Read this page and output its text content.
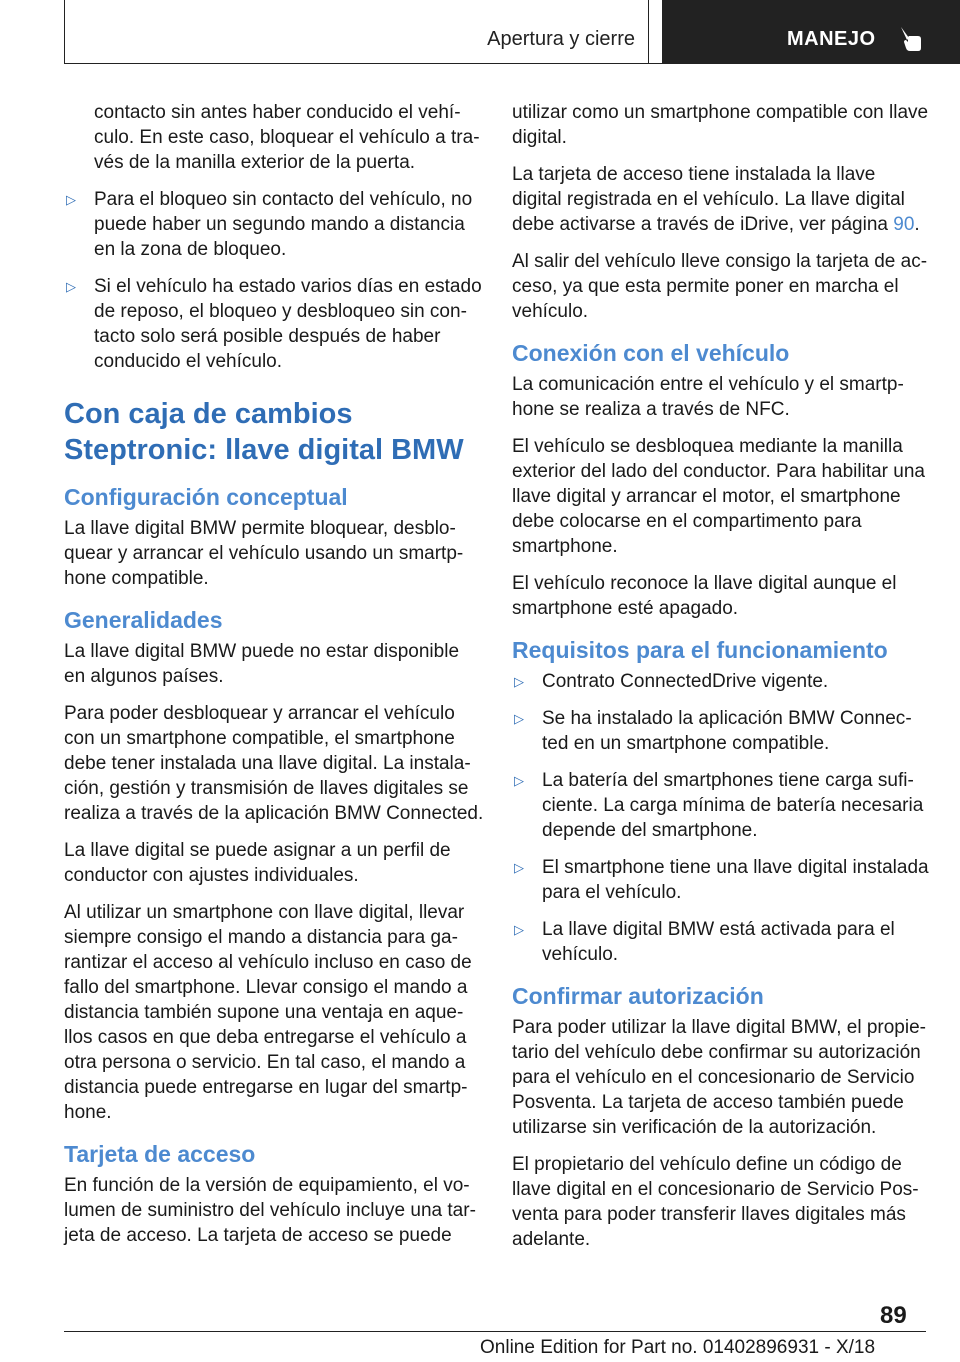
Apertura y cierre	MANEJO

contacto sin antes haber conducido el vehículo. En este caso, bloquear el vehículo a través de la manilla exterior de la puerta.

▷ Para el bloqueo sin contacto del vehículo, no puede haber un segundo mando a distancia en la zona de bloqueo.
▷ Si el vehículo ha estado varios días en estado de reposo, el bloqueo y desbloqueo sin contacto solo será posible después de haber conducido el vehículo.
Con caja de cambios Steptronic: llave digital BMW
Configuración conceptual

La llave digital BMW permite bloquear, desbloquear y arrancar el vehículo usando un smartphone compatible.

Generalidades

La llave digital BMW puede no estar disponible en algunos países.

Para poder desbloquear y arrancar el vehículo con un smartphone compatible, el smartphone debe tener instalada una llave digital. La instalación, gestión y transmisión de llaves digitales se realiza a través de la aplicación BMW Connected.

La llave digital se puede asignar a un perfil de conductor con ajustes individuales.

Al utilizar un smartphone con llave digital, llevar siempre consigo el mando a distancia para garantizar el acceso al vehículo incluso en caso de fallo del smartphone. Llevar consigo el mando a distancia también supone una ventaja en aquellos casos en que deba entregarse el vehículo a otra persona o servicio. En tal caso, el mando a distancia puede entregarse en lugar del smartphone.

Tarjeta de acceso

En función de la versión de equipamiento, el volumen de suministro del vehículo incluye una tarjeta de acceso. La tarjeta de acceso se puede

utilizar como un smartphone compatible con llave digital.

La tarjeta de acceso tiene instalada la llave digital registrada en el vehículo. La llave digital debe activarse a través de iDrive, ver página 90.

Al salir del vehículo lleve consigo la tarjeta de acceso, ya que esta permite poner en marcha el vehículo.

Conexión con el vehículo

La comunicación entre el vehículo y el smartphone se realiza a través de NFC.

El vehículo se desbloquea mediante la manilla exterior del lado del conductor. Para habilitar una llave digital y arrancar el motor, el smartphone debe colocarse en el compartimento para smartphone.

El vehículo reconoce la llave digital aunque el smartphone esté apagado.

Requisitos para el funcionamiento
▷ Contrato ConnectedDrive vigente.
▷ Se ha instalado la aplicación BMW Connected en un smartphone compatible.
▷ La batería del smartphones tiene carga suficiente. La carga mínima de batería necesaria depende del smartphone.
▷ El smartphone tiene una llave digital instalada para el vehículo.
▷ La llave digital BMW está activada para el vehículo.
Confirmar autorización

Para poder utilizar la llave digital BMW, el propietario del vehículo debe confirmar su autorización para el vehículo en el concesionario de Servicio Posventa. La tarjeta de acceso también puede utilizarse sin verificación de la autorización.

El propietario del vehículo define un código de llave digital en el concesionario de Servicio Posventa para poder transferir llaves digitales más adelante.

89
Online Edition for Part no. 01402896931 - X/18
